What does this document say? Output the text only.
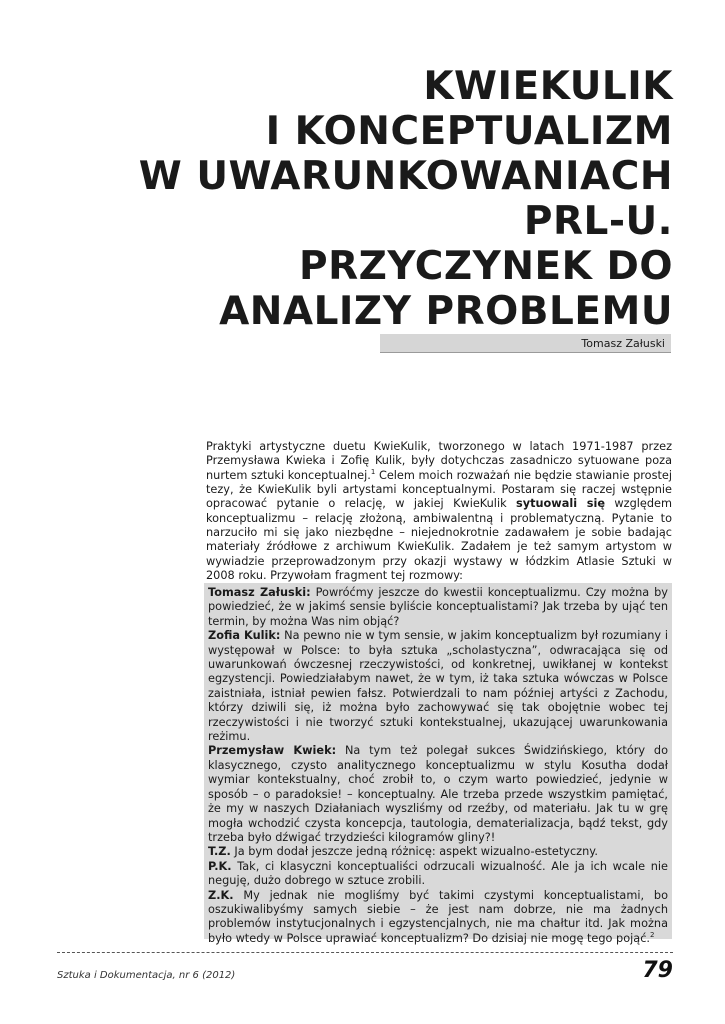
KWIEKULIK
I KONCEPTUALIZM
W UWARUNKOWANIACH
PRL-U.
PRZYCZYNEK DO
ANALIZY PROBLEMU
Tomasz Załuski

Praktyki artystyczne duetu KwieKulik, tworzonego w latach 1971-1987 przez Przemysława Kwieka i Zofię Kulik, były dotychczas zasadniczo sytuowane poza nurtem sztuki konceptualnej.$^1$ Celem moich rozważań nie będzie stawianie prostej tezy, że KwieKulik byli artystami konceptualnymi. Postaram się raczej wstępnie opracować pytanie o relację, w jakiej KwieKulik sytuowali się względem konceptualizmu – relację złożoną, ambiwalentną i problematyczną. Pytanie to narzuciło mi się jako niezbędne – niejednokrotnie zadawałem je sobie badając materiały źródłowe z archiwum KwieKulik. Zadałem je też samym artystom w wywiadzie przeprowadzonym przy okazji wystawy w łódzkim Atlasie Sztuki w 2008 roku. Przywołam fragment tej rozmowy:

Tomasz Załuski: Powróćmy jeszcze do kwestii konceptualizmu. Czy można by powiedzieć, że w jakimś sensie byliście konceptualistami? Jak trzeba by ująć ten termin, by można Was nim objąć?

Zofia Kulik: Na pewno nie w tym sensie, w jakim konceptualizm był rozumiany i występował w Polsce: to była sztuka „scholastyczna”, odwracająca się od uwarunkowań ówczesnej rzeczywistości, od konkretnej, uwikłanej w kontekst egzystencji. Powiedziałabym nawet, że w tym, iż taka sztuka wówczas w Polsce zaistniała, istniał pewien fałsz. Potwierdzali to nam później artyści z Zachodu, którzy dziwili się, iż można było zachowywać się tak obojętnie wobec tej rzeczywistości i nie tworzyć sztuki kontekstualnej, ukazującej uwarunkowania reżimu.

Przemysław Kwiek: Na tym też polegał sukces Świdzińskiego, który do klasycznego, czysto analitycznego konceptualizmu w stylu Kosutha dodał wymiar kontekstualny, choć zrobił to, o czym warto powiedzieć, jedynie w sposób – o paradoksie! – konceptualny. Ale trzeba przede wszystkim pamiętać, że my w naszych Działaniach wyszliśmy od rzeźby, od materiału. Jak tu w grę mogła wchodzić czysta koncepcja, tautologia, dematerializacja, bądź tekst, gdy trzeba było dźwigać trzydzieści kilogramów gliny?!

T.Z. Ja bym dodał jeszcze jedną różnicę: aspekt wizualno-estetyczny.

P.K. Tak, ci klasyczni konceptualiści odrzucali wizualność. Ale ja ich wcale nie neguję, dużo dobrego w sztuce zrobili.

Z.K. My jednak nie mogliśmy być takimi czystymi konceptualistami, bo oszukiwalibyśmy samych siebie – że jest nam dobrze, nie ma żadnych problemów instytucjonalnych i egzystencjalnych, nie ma chałtur itd. Jak można było wtedy w Polsce uprawiać konceptualizm? Do dzisiaj nie mogę tego pojąć.$^2$

Sztuka i Dokumentacja, nr 6 (2012)	79
